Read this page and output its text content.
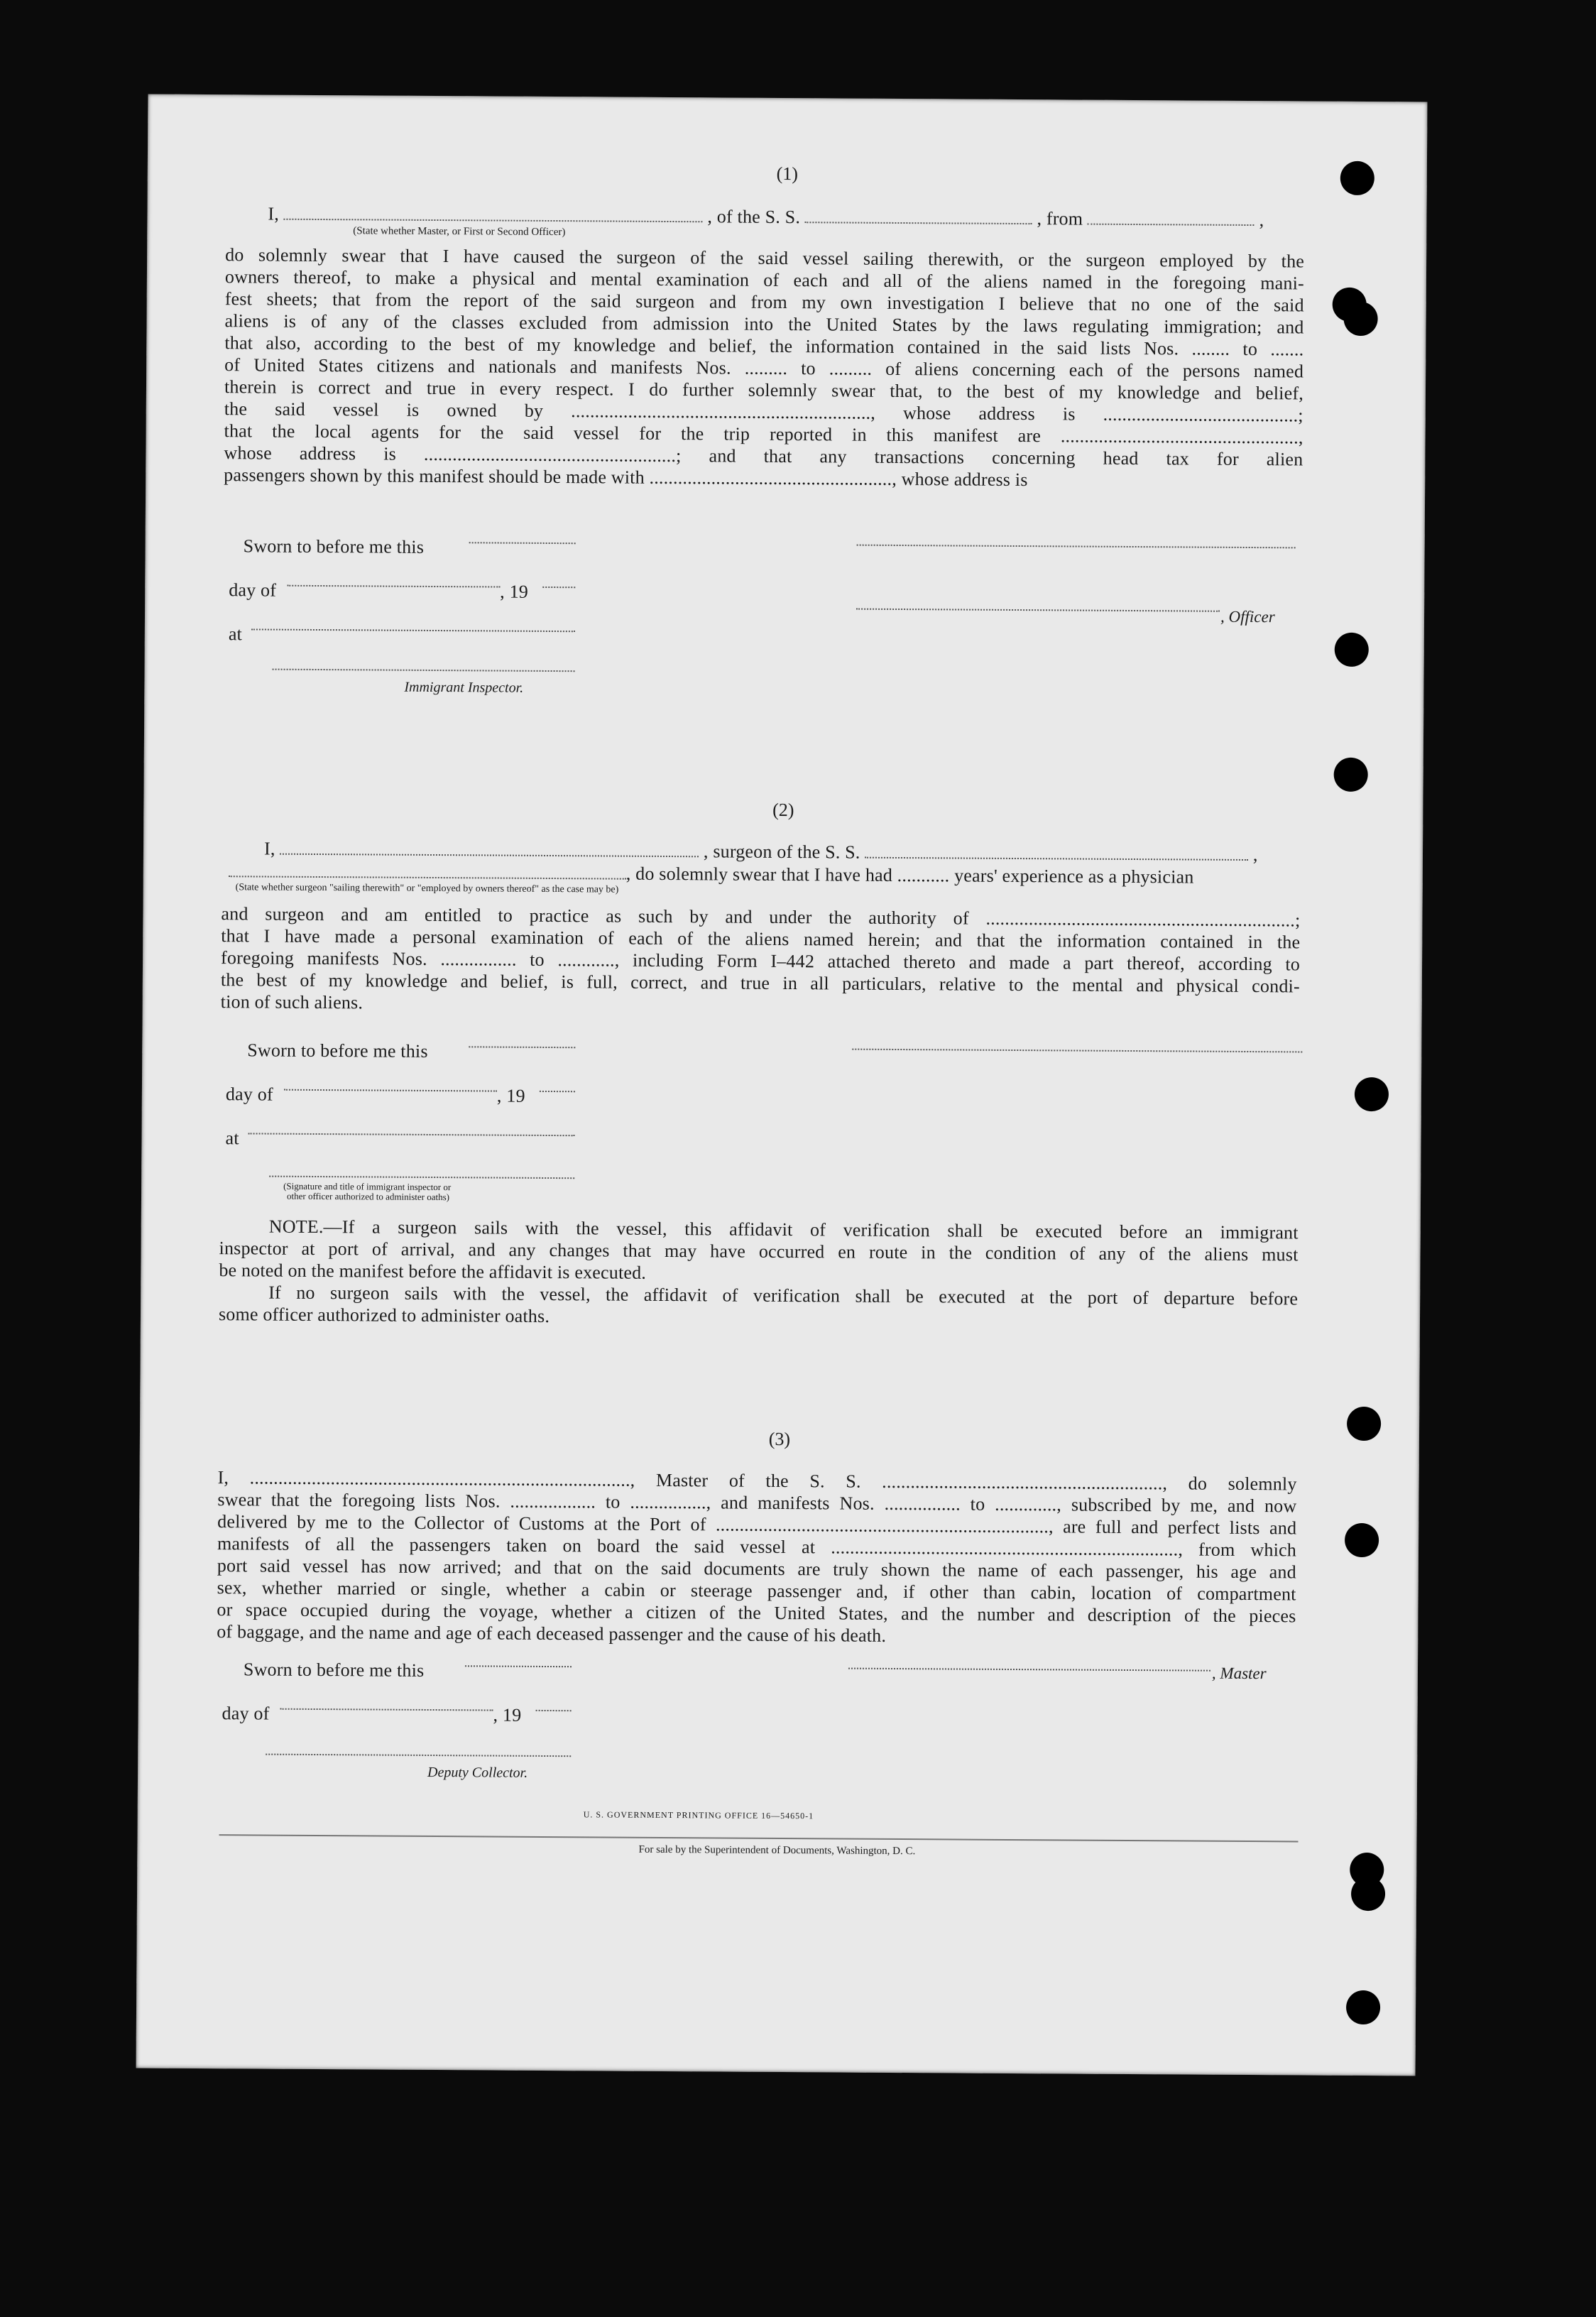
(1)
I,	, of the S. S.	, from	,
(State whether Master, or First or Second Officer)
do solemnly swear that I have caused the surgeon of the said vessel sailing therewith, or the surgeon employed by the
owners thereof, to make a physical and mental examination of each and all of the aliens named in the foregoing mani-
fest sheets; that from the report of the said surgeon and from my own investigation I believe that no one of the said
aliens is of any of the classes excluded from admission into the United States by the laws regulating immigration; and
that also, according to the best of my knowledge and belief, the information contained in the said lists Nos. ........ to .......
of United States citizens and nationals and manifests Nos. ......... to ......... of aliens concerning each of the persons named
therein is correct and true in every respect. I do further solemnly swear that, to the best of my knowledge and belief,
the said vessel is owned by ..............................................................., whose address is .........................................;
that the local agents for the said vessel for the trip reported in this manifest are ..................................................,
whose address is .....................................................; and that any transactions concerning head tax for alien
passengers shown by this manifest should be made with ..................................................., whose address is
Sworn to before me this
day of	, 19
, Officer
at
Immigrant Inspector.
(2)
I,	, surgeon of the S. S.	,
, do solemnly swear that I have had ........... years' experience as a physician
(State whether surgeon "sailing therewith" or "employed by owners thereof" as the case may be)
and surgeon and am entitled to practice as such by and under the authority of .................................................................;
that I have made a personal examination of each of the aliens named herein; and that the information contained in the
foregoing manifests Nos. ................ to ............, including Form I–442 attached thereto and made a part thereof, according to
the best of my knowledge and belief, is full, correct, and true in all particulars, relative to the mental and physical condi-
tion of such aliens.
Sworn to before me this
day of	, 19
at
(Signature and title of immigrant inspector or
other officer authorized to administer oaths)
NOTE.—If a surgeon sails with the vessel, this affidavit of verification shall be executed before an immigrant
inspector at port of arrival, and any changes that may have occurred en route in the condition of any of the aliens must
be noted on the manifest before the affidavit is executed.
If no surgeon sails with the vessel, the affidavit of verification shall be executed at the port of departure before
some officer authorized to administer oaths.
(3)
I, ................................................................................, Master of the S. S. ..........................................................., do solemnly
swear that the foregoing lists Nos. .................. to ................, and manifests Nos. ................ to ............., subscribed by me, and now
delivered by me to the Collector of Customs at the Port of ......................................................................, are full and perfect lists and
manifests of all the passengers taken on board the said vessel at ........................................................................., from which
port said vessel has now arrived; and that on the said documents are truly shown the name of each passenger, his age and
sex, whether married or single, whether a cabin or steerage passenger and, if other than cabin, location of compartment
or space occupied during the voyage, whether a citizen of the United States, and the number and description of the pieces
of baggage, and the name and age of each deceased passenger and the cause of his death.
Sworn to before me this	, Master
day of	, 19
Deputy Collector.
U. S. GOVERNMENT PRINTING OFFICE 16—54650-1
For sale by the Superintendent of Documents, Washington, D. C.
